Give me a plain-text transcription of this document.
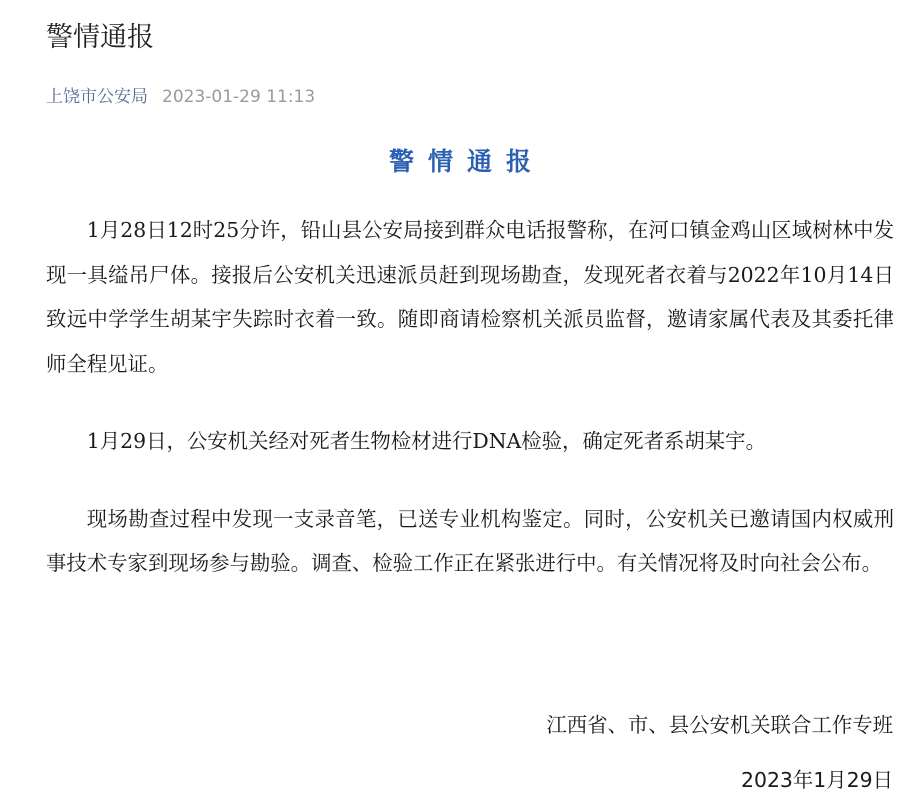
警情通报
上饶市公安局 2023-01-29 11:13
警情通报

1月28日12时25分许，铅山县公安局接到群众电话报警称，在河口镇金鸡山区域树林中发现一具缢吊尸体。接报后公安机关迅速派员赶到现场勘查，发现死者衣着与2022年10月14日致远中学学生胡某宇失踪时衣着一致。随即商请检察机关派员监督，邀请家属代表及其委托律师全程见证。

1月29日，公安机关经对死者生物检材进行DNA检验，确定死者系胡某宇。

现场勘查过程中发现一支录音笔，已送专业机构鉴定。同时，公安机关已邀请国内权威刑事技术专家到现场参与勘验。调查、检验工作正在紧张进行中。有关情况将及时向社会公布。

江西省、市、县公安机关联合工作专班
2023年1月29日
